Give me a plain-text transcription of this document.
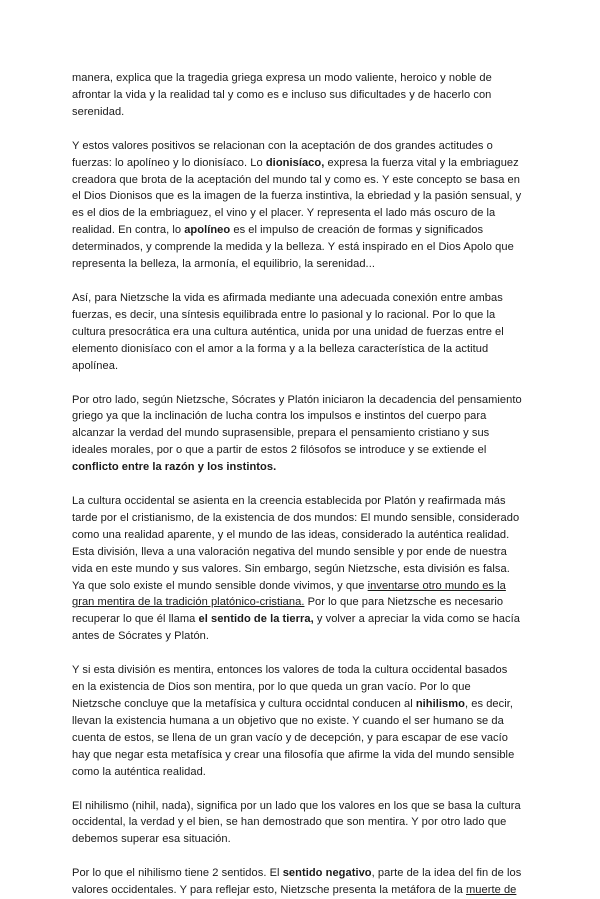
manera, explica que la tragedia griega expresa un modo valiente, heroico y noble de afrontar la vida y la realidad tal y como es e incluso sus dificultades y de hacerlo con serenidad.

Y estos valores positivos se relacionan con la aceptación de dos grandes actitudes o fuerzas: lo apolíneo y lo dionisíaco. Lo dionisíaco, expresa la fuerza vital y la embriaguez creadora que brota de la aceptación del mundo tal y como es. Y este concepto se basa en el Dios Dionisos que es la imagen de la fuerza instintiva, la ebriedad y la pasión sensual, y es el dios de la embriaguez, el vino y el placer. Y representa el lado más oscuro de la realidad. En contra, lo apolíneo es el impulso de creación de formas y significados determinados, y comprende la medida y la belleza. Y está inspirado en el Dios Apolo que representa la belleza, la armonía, el equilibrio, la serenidad...

Así, para Nietzsche la vida es afirmada mediante una adecuada conexión entre ambas fuerzas, es decir, una síntesis equilibrada entre lo pasional y lo racional. Por lo que la cultura presocrática era una cultura auténtica, unida por una unidad de fuerzas entre el elemento dionisíaco con el amor a la forma y a la belleza característica de la actitud apolínea.

Por otro lado, según Nietzsche, Sócrates y Platón iniciaron la decadencia del pensamiento griego ya que la inclinación de lucha contra los impulsos e instintos del cuerpo para alcanzar la verdad del mundo suprasensible, prepara el pensamiento cristiano y sus ideales morales, por o que a partir de estos 2 filósofos se introduce y se extiende el conflicto entre la razón y los instintos.

La cultura occidental se asienta en la creencia establecida por Platón y reafirmada más tarde por el cristianismo, de la existencia de dos mundos: El mundo sensible, considerado como una realidad aparente, y el mundo de las ideas, considerado la auténtica realidad. Esta división, lleva a una valoración negativa del mundo sensible y por ende de nuestra vida en este mundo y sus valores. Sin embargo, según Nietzsche, esta división es falsa. Ya que solo existe el mundo sensible donde vivimos, y que inventarse otro mundo es la gran mentira de la tradición platónico-cristiana. Por lo que para Nietzsche es necesario recuperar lo que él llama el sentido de la tierra, y volver a apreciar la vida como se hacía antes de Sócrates y Platón.

Y si esta división es mentira, entonces los valores de toda la cultura occidental basados en la existencia de Dios son mentira, por lo que queda un gran vacío. Por lo que Nietzsche concluye que la metafísica y cultura occidntal conducen al nihilismo, es decir, llevan la existencia humana a un objetivo que no existe. Y cuando el ser humano se da cuenta de estos, se llena de un gran vacío y de decepción, y para escapar de ese vacío hay que negar esta metafísica y crear una filosofía que afirme la vida del mundo sensible como la auténtica realidad.

El nihilismo (nihil, nada), significa por un lado que los valores en los que se basa la cultura occidental, la verdad y el bien, se han demostrado que son mentira. Y por otro lado que debemos superar esa situación.

Por lo que el nihilismo tiene 2 sentidos. El sentido negativo, parte de la idea del fin de los valores occidentales. Y para reflejar esto, Nietzsche presenta la metáfora de la muerte de
